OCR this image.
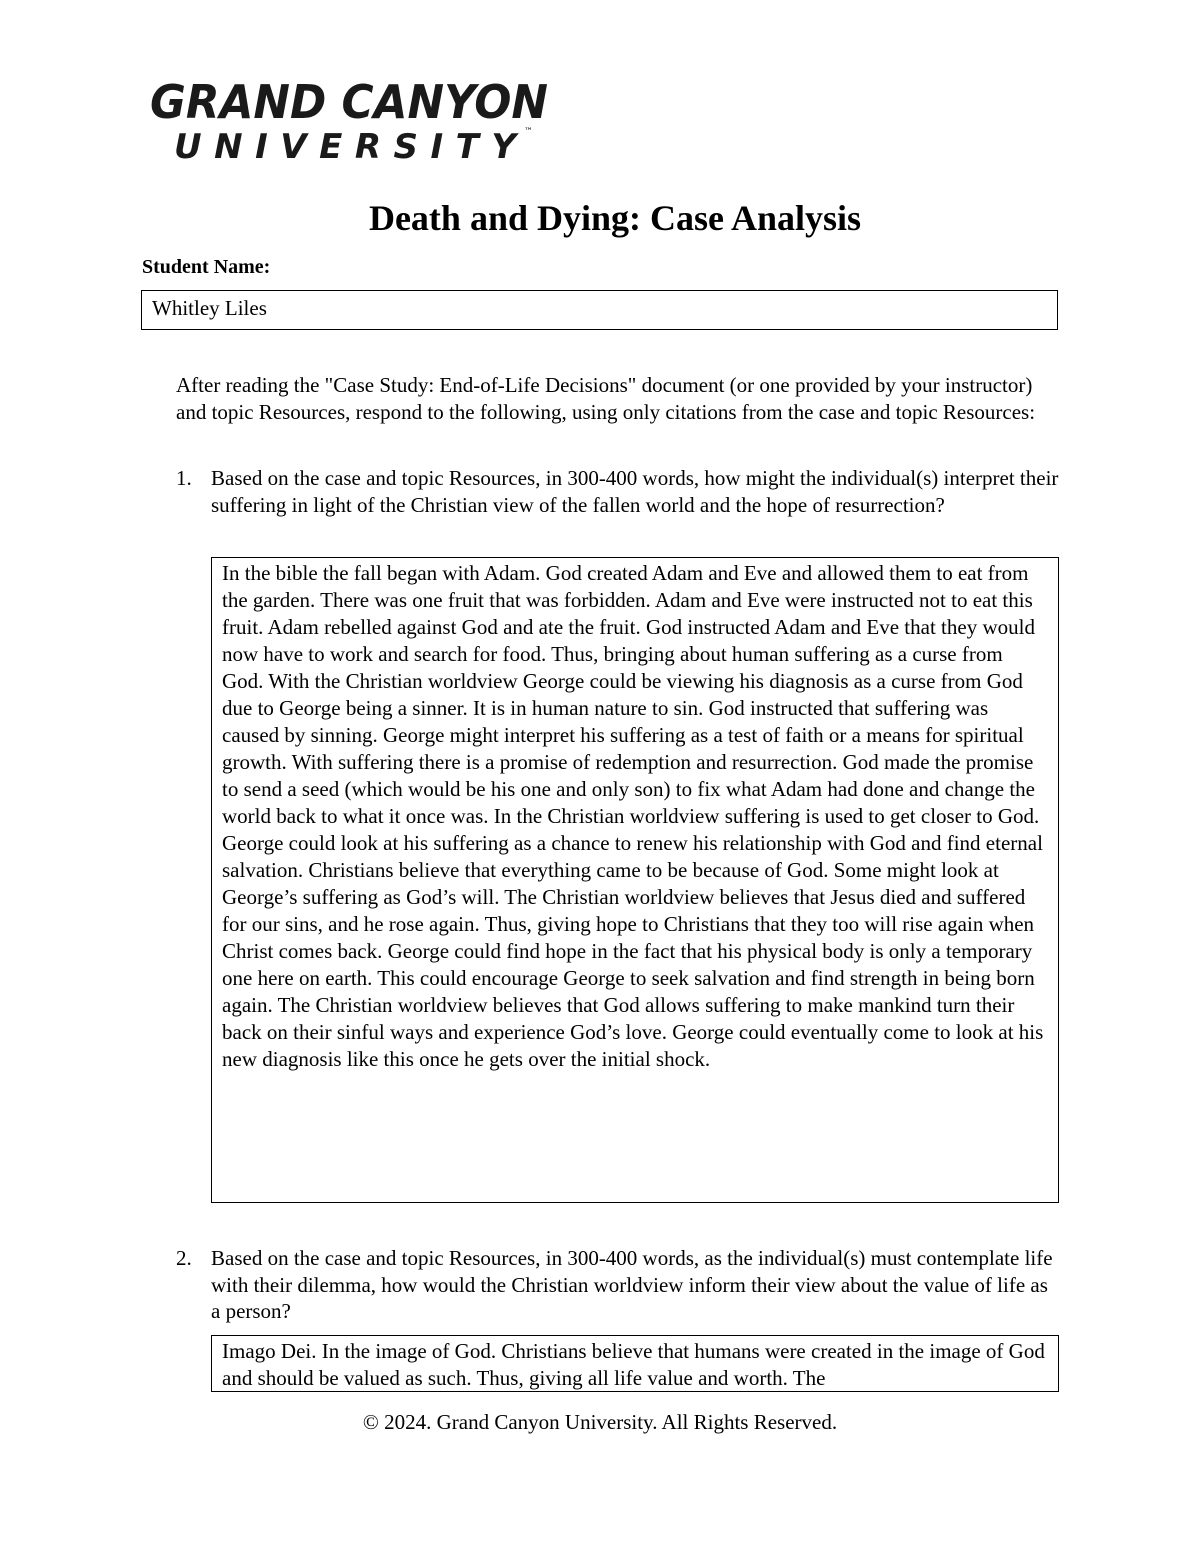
GRAND CANYON
UNIVERSITY ™
Death and Dying: Case Analysis

Student Name:

Whitley Liles

After reading the "Case Study: End-of-Life Decisions" document (or one provided by your instructor) and topic Resources, respond to the following, using only citations from the case and topic Resources:

1. Based on the case and topic Resources, in 300-400 words, how might the individual(s) interpret their suffering in light of the Christian view of the fallen world and the hope of resurrection?

In the bible the fall began with Adam. God created Adam and Eve and allowed them to eat from the garden. There was one fruit that was forbidden. Adam and Eve were instructed not to eat this fruit. Adam rebelled against God and ate the fruit. God instructed Adam and Eve that they would now have to work and search for food. Thus, bringing about human suffering as a curse from God. With the Christian worldview George could be viewing his diagnosis as a curse from God due to George being a sinner. It is in human nature to sin. God instructed that suffering was caused by sinning. George might interpret his suffering as a test of faith or a means for spiritual growth. With suffering there is a promise of redemption and resurrection. God made the promise to send a seed (which would be his one and only son) to fix what Adam had done and change the world back to what it once was. In the Christian worldview suffering is used to get closer to God. George could look at his suffering as a chance to renew his relationship with God and find eternal salvation. Christians believe that everything came to be because of God. Some might look at George’s suffering as God’s will. The Christian worldview believes that Jesus died and suffered for our sins, and he rose again. Thus, giving hope to Christians that they too will rise again when Christ comes back. George could find hope in the fact that his physical body is only a temporary one here on earth. This could encourage George to seek salvation and find strength in being born again. The Christian worldview believes that God allows suffering to make mankind turn their back on their sinful ways and experience God’s love. George could eventually come to look at his new diagnosis like this once he gets over the initial shock.

2. Based on the case and topic Resources, in 300-400 words, as the individual(s) must contemplate life with their dilemma, how would the Christian worldview inform their view about the value of life as a person?

Imago Dei. In the image of God. Christians believe that humans were created in the image of God and should be valued as such. Thus, giving all life value and worth. The

© 2024. Grand Canyon University. All Rights Reserved.
